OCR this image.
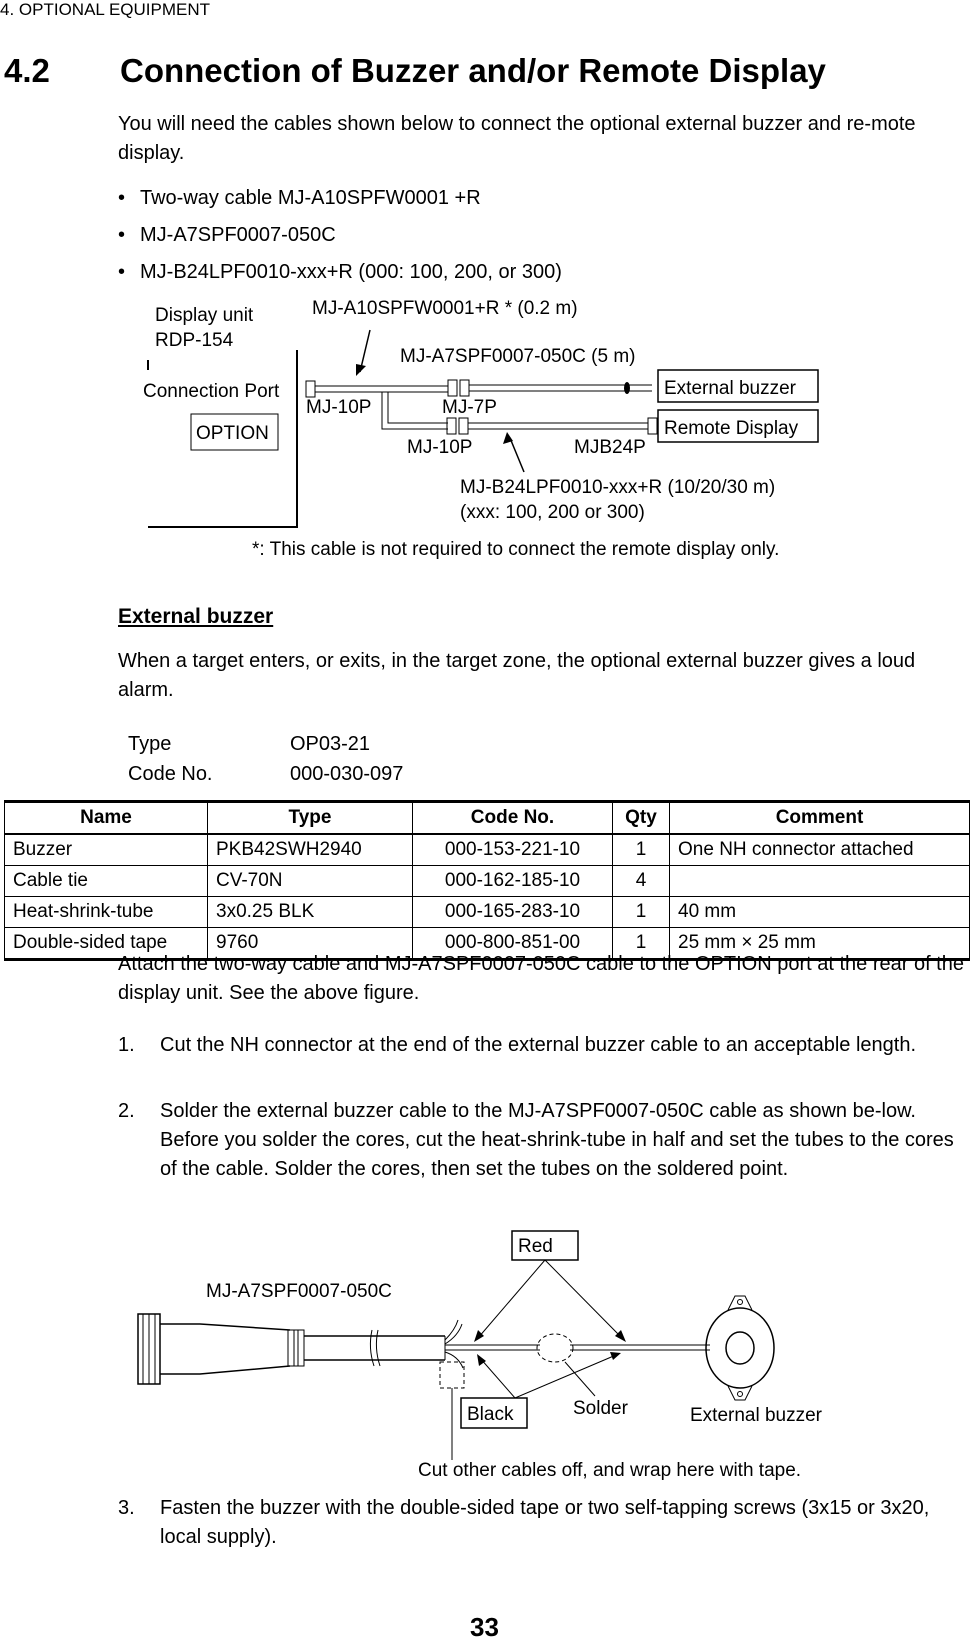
4. OPTIONAL EQUIPMENT
4.2 Connection of Buzzer and/or Remote Display
You will need the cables shown below to connect the optional external buzzer and re-mote display.
• Two-way cable MJ-A10SPFW0001 +R
• MJ-A7SPF0007-050C
• MJ-B24LPF0010-xxx+R (000: 100, 200, or 300)
Display unit
RDP-154
Connection Port
OPTION
MJ-A10SPFW0001+R * (0.2 m)
MJ-A7SPF0007-050C (5 m)
External buzzer
Remote Display
MJ-10P	MJ-7P
MJ-10P	MJB24P
MJ-B24LPF0010-xxx+R (10/20/30 m)
(xxx: 100, 200 or 300)
*: This cable is not required to connect the remote display only.
External buzzer
When a target enters, or exits, in the target zone, the optional external buzzer gives a loud alarm.
Type	OP03-21
Code No.	000-030-097
Name	Type	Code No.	Qty	Comment
Buzzer	PKB42SWH2940	000-153-221-10	1	One NH connector attached
Cable tie	CV-70N	000-162-185-10	4	
Heat-shrink-tube	3x0.25 BLK	000-165-283-10	1	40 mm
Double-sided tape	9760	000-800-851-00	1	25 mm × 25 mm
Attach the two-way cable and MJ-A7SPF0007-050C cable to the OPTION port at the rear of the display unit. See the above figure.
1. Cut the NH connector at the end of the external buzzer cable to an acceptable length.
2. Solder the external buzzer cable to the MJ-A7SPF0007-050C cable as shown be-low. Before you solder the cores, cut the heat-shrink-tube in half and set the tubes to the cores of the cable. Solder the cores, then set the tubes on the soldered point.
Red
MJ-A7SPF0007-050C
Black	Solder	External buzzer
Cut other cables off, and wrap here with tape.
3. Fasten the buzzer with the double-sided tape or two self-tapping screws (3x15 or 3x20, local supply).
33
